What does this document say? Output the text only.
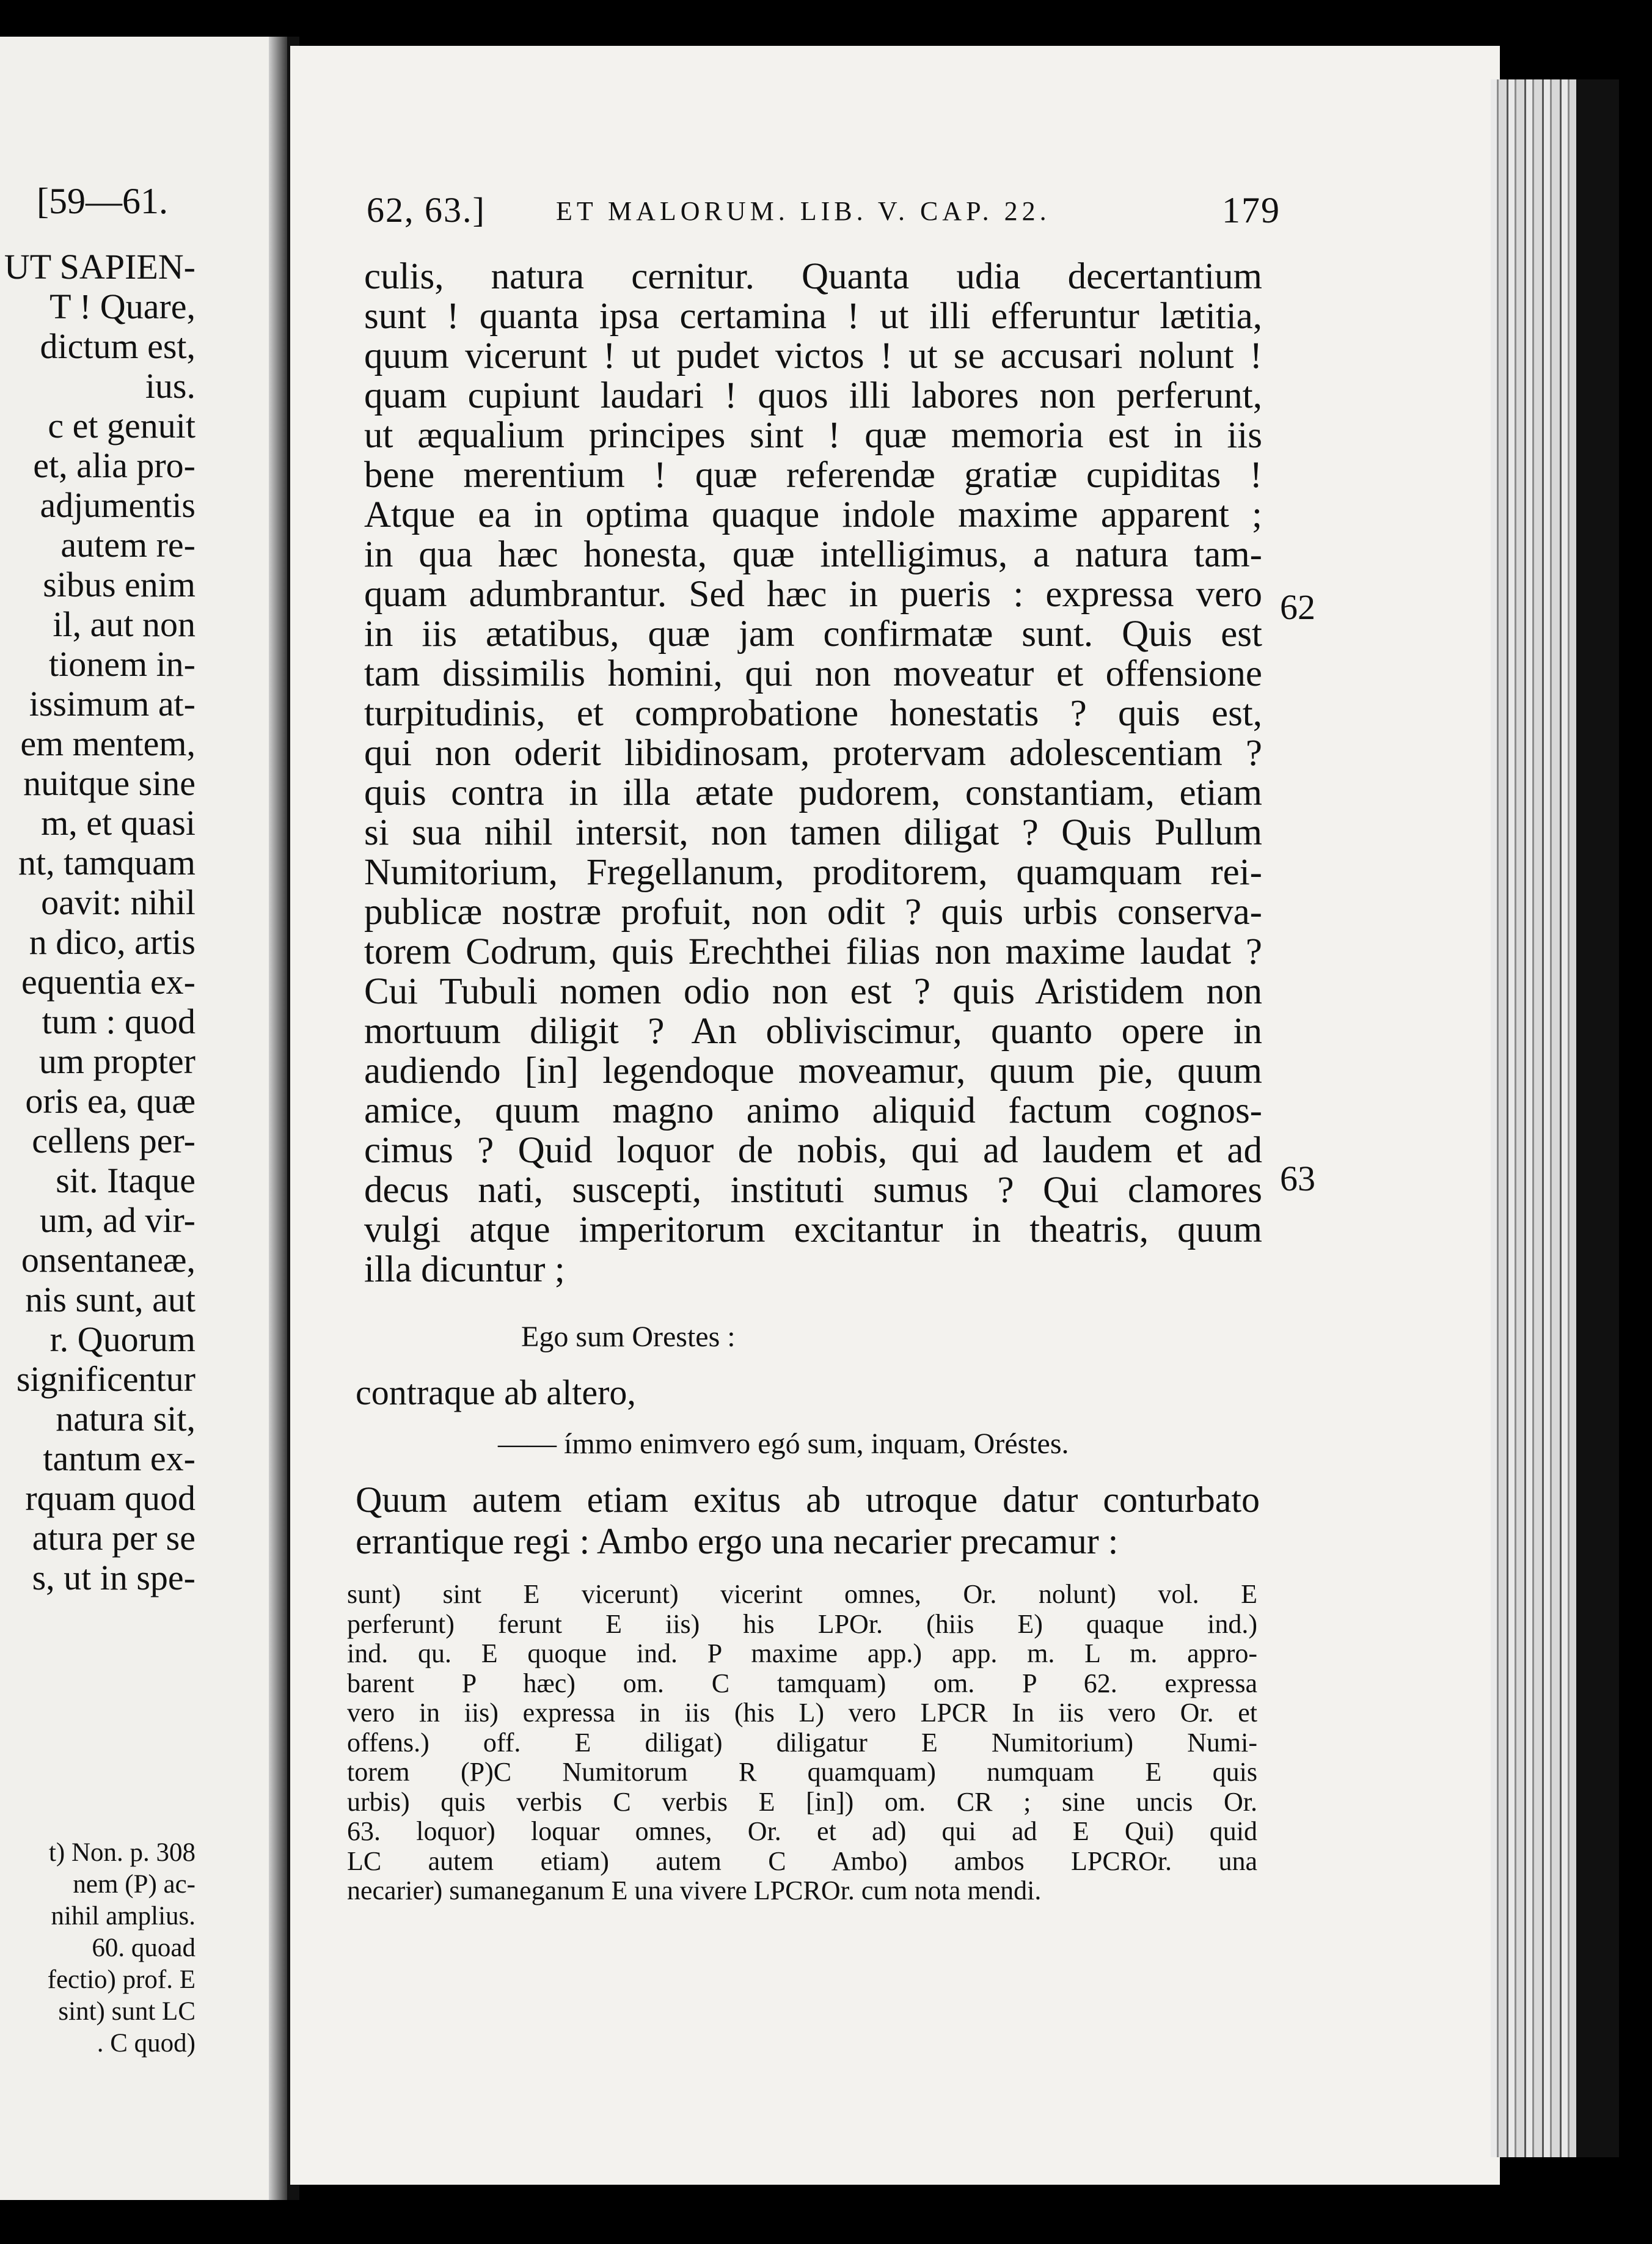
[59—61.
UT SAPIEN-
T ! Quare,
dictum est,
ius.
c et genuit
et, alia pro-
adjumentis
autem re-
sibus enim
il, aut non
tionem in-
issimum at-
em mentem,
nuitque sine
m, et quasi
nt, tamquam
oavit: nihil
n dico, artis
equentia ex-
tum : quod
um propter
oris ea, quæ
cellens per-
sit. Itaque
um, ad vir-
onsentaneæ,
nis sunt, aut
r. Quorum
significentur
natura sit,
tantum ex-
rquam quod
atura per se
s, ut in spe-
t) Non. p. 308
nem (P) ac-
nihil amplius.
60. quoad
fectio) prof. E
sint) sunt LC
. C quod)
62, 63.]	ET MALORUM. LIB. V. CAP. 22.	179
culis, natura cernitur. Quanta udia decertantium
sunt ! quanta ipsa certamina ! ut illi efferuntur lætitia,
quum vicerunt ! ut pudet victos ! ut se accusari nolunt !
quam cupiunt laudari ! quos illi labores non perferunt,
ut æqualium principes sint ! quæ memoria est in iis
bene merentium ! quæ referendæ gratiæ cupiditas !
Atque ea in optima quaque indole maxime apparent ;
in qua hæc honesta, quæ intelligimus, a natura tam-
quam adumbrantur. Sed hæc in pueris : expressa vero
in iis ætatibus, quæ jam confirmatæ sunt. Quis est
tam dissimilis homini, qui non moveatur et offensione
turpitudinis, et comprobatione honestatis ? quis est,
qui non oderit libidinosam, protervam adolescentiam ?
quis contra in illa ætate pudorem, constantiam, etiam
si sua nihil intersit, non tamen diligat ? Quis Pullum
Numitorium, Fregellanum, proditorem, quamquam rei-
publicæ nostræ profuit, non odit ? quis urbis conserva-
torem Codrum, quis Erechthei filias non maxime laudat ?
Cui Tubuli nomen odio non est ? quis Aristidem non
mortuum diligit ? An obliviscimur, quanto opere in
audiendo [in] legendoque moveamur, quum pie, quum
amice, quum magno animo aliquid factum cognos-
cimus ? Quid loquor de nobis, qui ad laudem et ad
decus nati, suscepti, instituti sumus ? Qui clamores
vulgi atque imperitorum excitantur in theatris, quum
illa dicuntur ;
62
63
Ego sum Orestes :
contraque ab altero,
—— ímmo enimvero egó sum, inquam, Oréstes.
Quum autem etiam exitus ab utroque datur conturbato
errantique regi : Ambo ergo una necarier precamur :
sunt) sint E vicerunt) vicerint omnes, Or. nolunt) vol. E
perferunt) ferunt E iis) his LPOr. (hiis E) quaque ind.)
ind. qu. E quoque ind. P maxime app.) app. m. L m. appro-
barent P hæc) om. C tamquam) om. P 62. expressa
vero in iis) expressa in iis (his L) vero LPCR In iis vero Or. et
offens.) off. E diligat) diligatur E Numitorium) Numi-
torem (P)C Numitorum R quamquam) numquam E quis
urbis) quis verbis C verbis E [in]) om. CR ; sine uncis Or.
63. loquor) loquar omnes, Or. et ad) qui ad E Qui) quid
LC autem etiam) autem C Ambo) ambos LPCROr. una
necarier) sumaneganum E una vivere LPCROr. cum nota mendi.
